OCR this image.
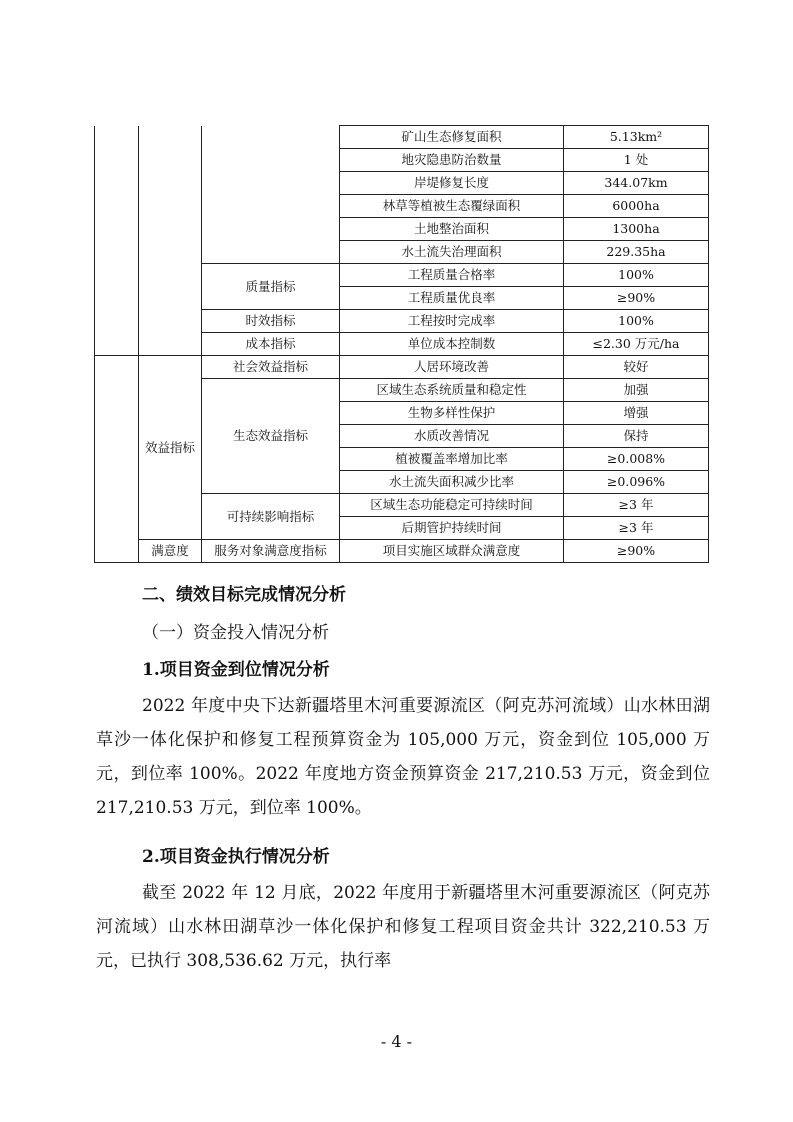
			矿山生态修复面积	5.13km²
			地灾隐患防治数量	1 处
			岸堤修复长度	344.07km
			林草等植被生态覆绿面积	6000ha
			土地整治面积	1300ha
			水土流失治理面积	229.35ha
		质量指标	工程质量合格率	100%
			工程质量优良率	≥90%
		时效指标	工程按时完成率	100%
		成本指标	单位成本控制数	≤2.30 万元/ha
	效益指标	社会效益指标	人居环境改善	较好
		生态效益指标	区域生态系统质量和稳定性	加强
			生物多样性保护	增强
			水质改善情况	保持
			植被覆盖率增加比率	≥0.008%
			水土流失面积减少比率	≥0.096%
		可持续影响指标	区域生态功能稳定可持续时间	≥3 年
			后期管护持续时间	≥3 年
	满意度	服务对象满意度指标	项目实施区域群众满意度	≥90%
二、绩效目标完成情况分析
（一）资金投入情况分析
1.项目资金到位情况分析

2022 年度中央下达新疆塔里木河重要源流区（阿克苏河流域）山水林田湖草沙一体化保护和修复工程预算资金为 105,000 万元，资金到位 105,000 万元，到位率 100%。2022 年度地方资金预算资金 217,210.53 万元，资金到位 217,210.53 万元，到位率 100%。

2.项目资金执行情况分析

截至 2022 年 12 月底，2022 年度用于新疆塔里木河重要源流区（阿克苏河流域）山水林田湖草沙一体化保护和修复工程项目资金共计 322,210.53 万元，已执行 308,536.62 万元，执行率

- 4 -
